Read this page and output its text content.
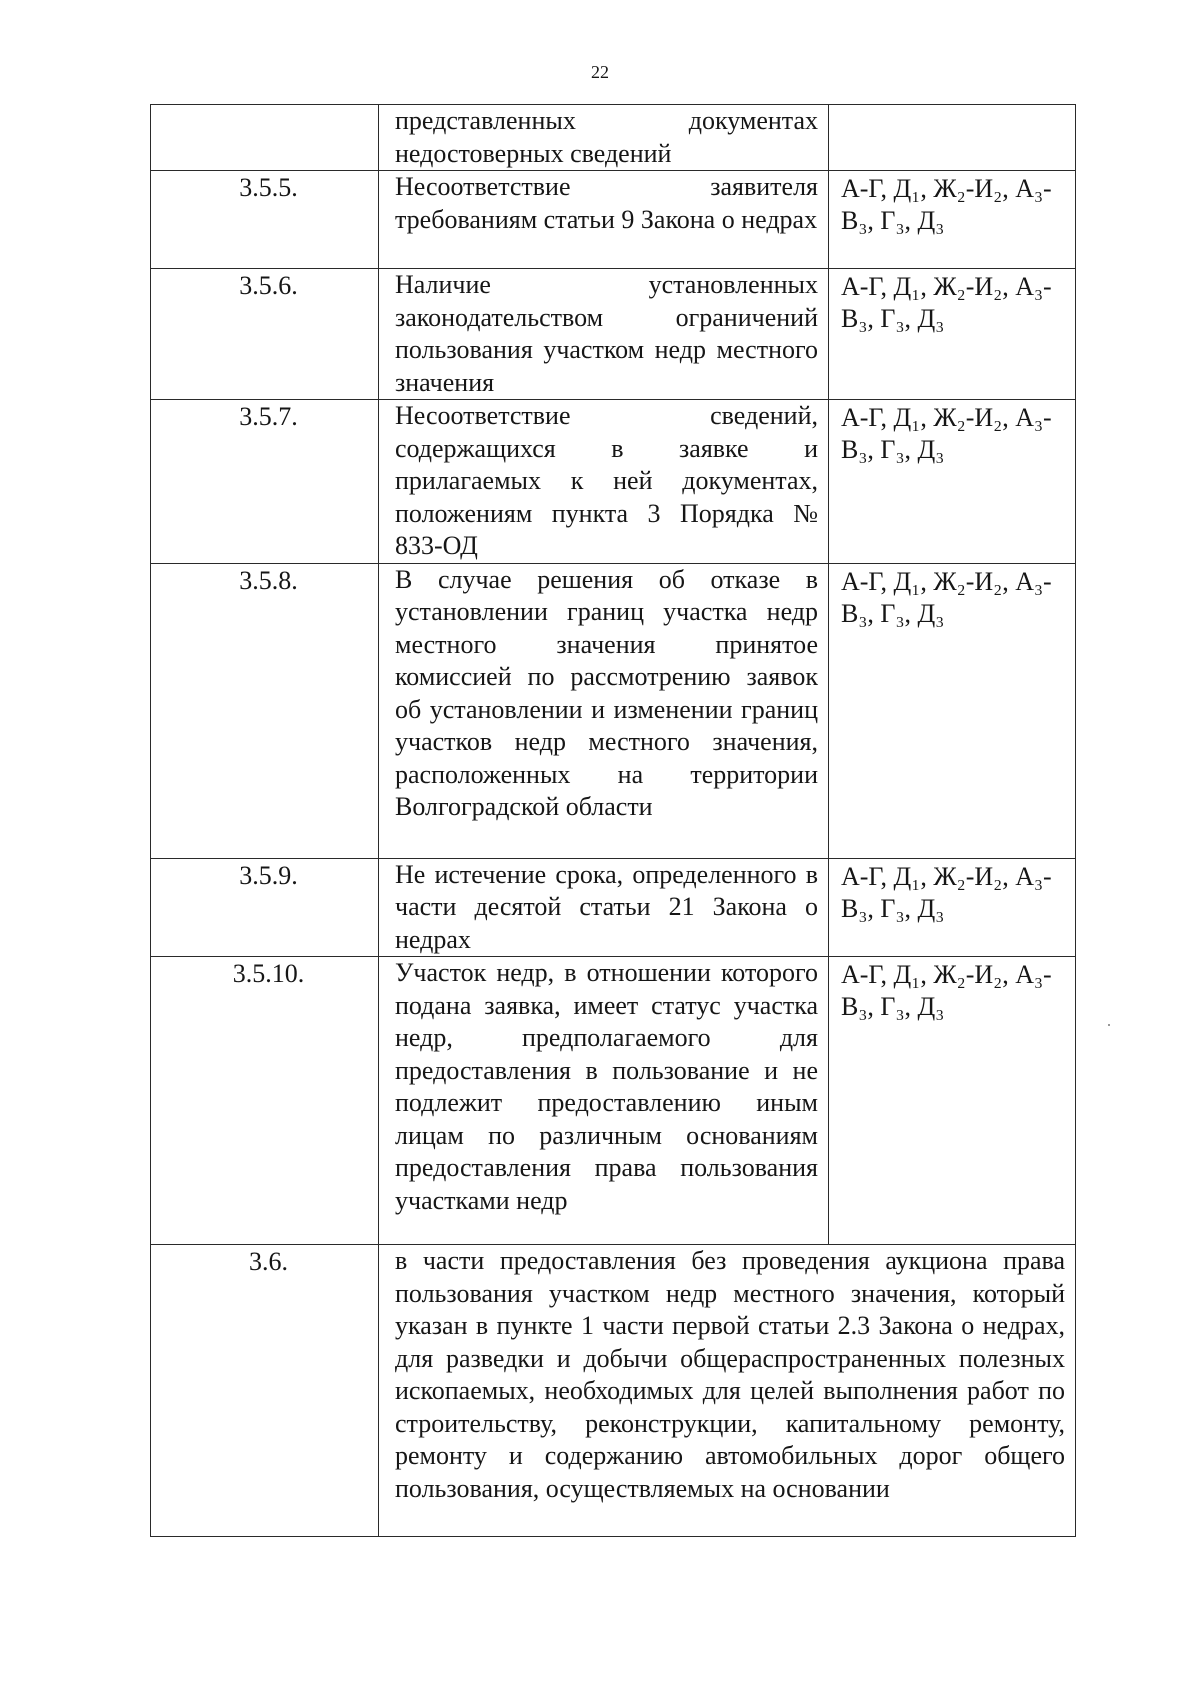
22

	представленных документах недостоверных сведений	

3.5.5.	Несоответствие заявителя требованиям статьи 9 Закона о недрах	А-Г, Д₁, Ж₂-И₂, А₃-В₃, Г₃, Д₃

3.5.6.	Наличие установленных законодательством ограничений пользования участком недр местного значения	А-Г, Д₁, Ж₂-И₂, А₃-В₃, Г₃, Д₃

3.5.7.	Несоответствие сведений, содержащихся в заявке и прилагаемых к ней документах, положениям пункта 3 Порядка № 833-ОД	А-Г, Д₁, Ж₂-И₂, А₃-В₃, Г₃, Д₃

3.5.8.	В случае решения об отказе в установлении границ участка недр местного значения принятое комиссией по рассмотрению заявок об установлении и изменении границ участков недр местного значения, расположенных на территории Волгоградской области	А-Г, Д₁, Ж₂-И₂, А₃-В₃, Г₃, Д₃

3.5.9.	Не истечение срока, определенного в части десятой статьи 21 Закона о недрах	А-Г, Д₁, Ж₂-И₂, А₃-В₃, Г₃, Д₃

3.5.10.	Участок недр, в отношении которого подана заявка, имеет статус участка недр, предполагаемого для предоставления в пользование и не подлежит предоставлению иным лицам по различным основаниям предоставления права пользования участками недр	А-Г, Д₁, Ж₂-И₂, А₃-В₃, Г₃, Д₃

3.6.	в части предоставления без проведения аукциона права пользования участком недр местного значения, который указан в пункте 1 части первой статьи 2.3 Закона о недрах, для разведки и добычи общераспространенных полезных ископаемых, необходимых для целей выполнения работ по строительству, реконструкции, капитальному ремонту, ремонту и содержанию автомобильных дорог общего пользования, осуществляемых на основании	
